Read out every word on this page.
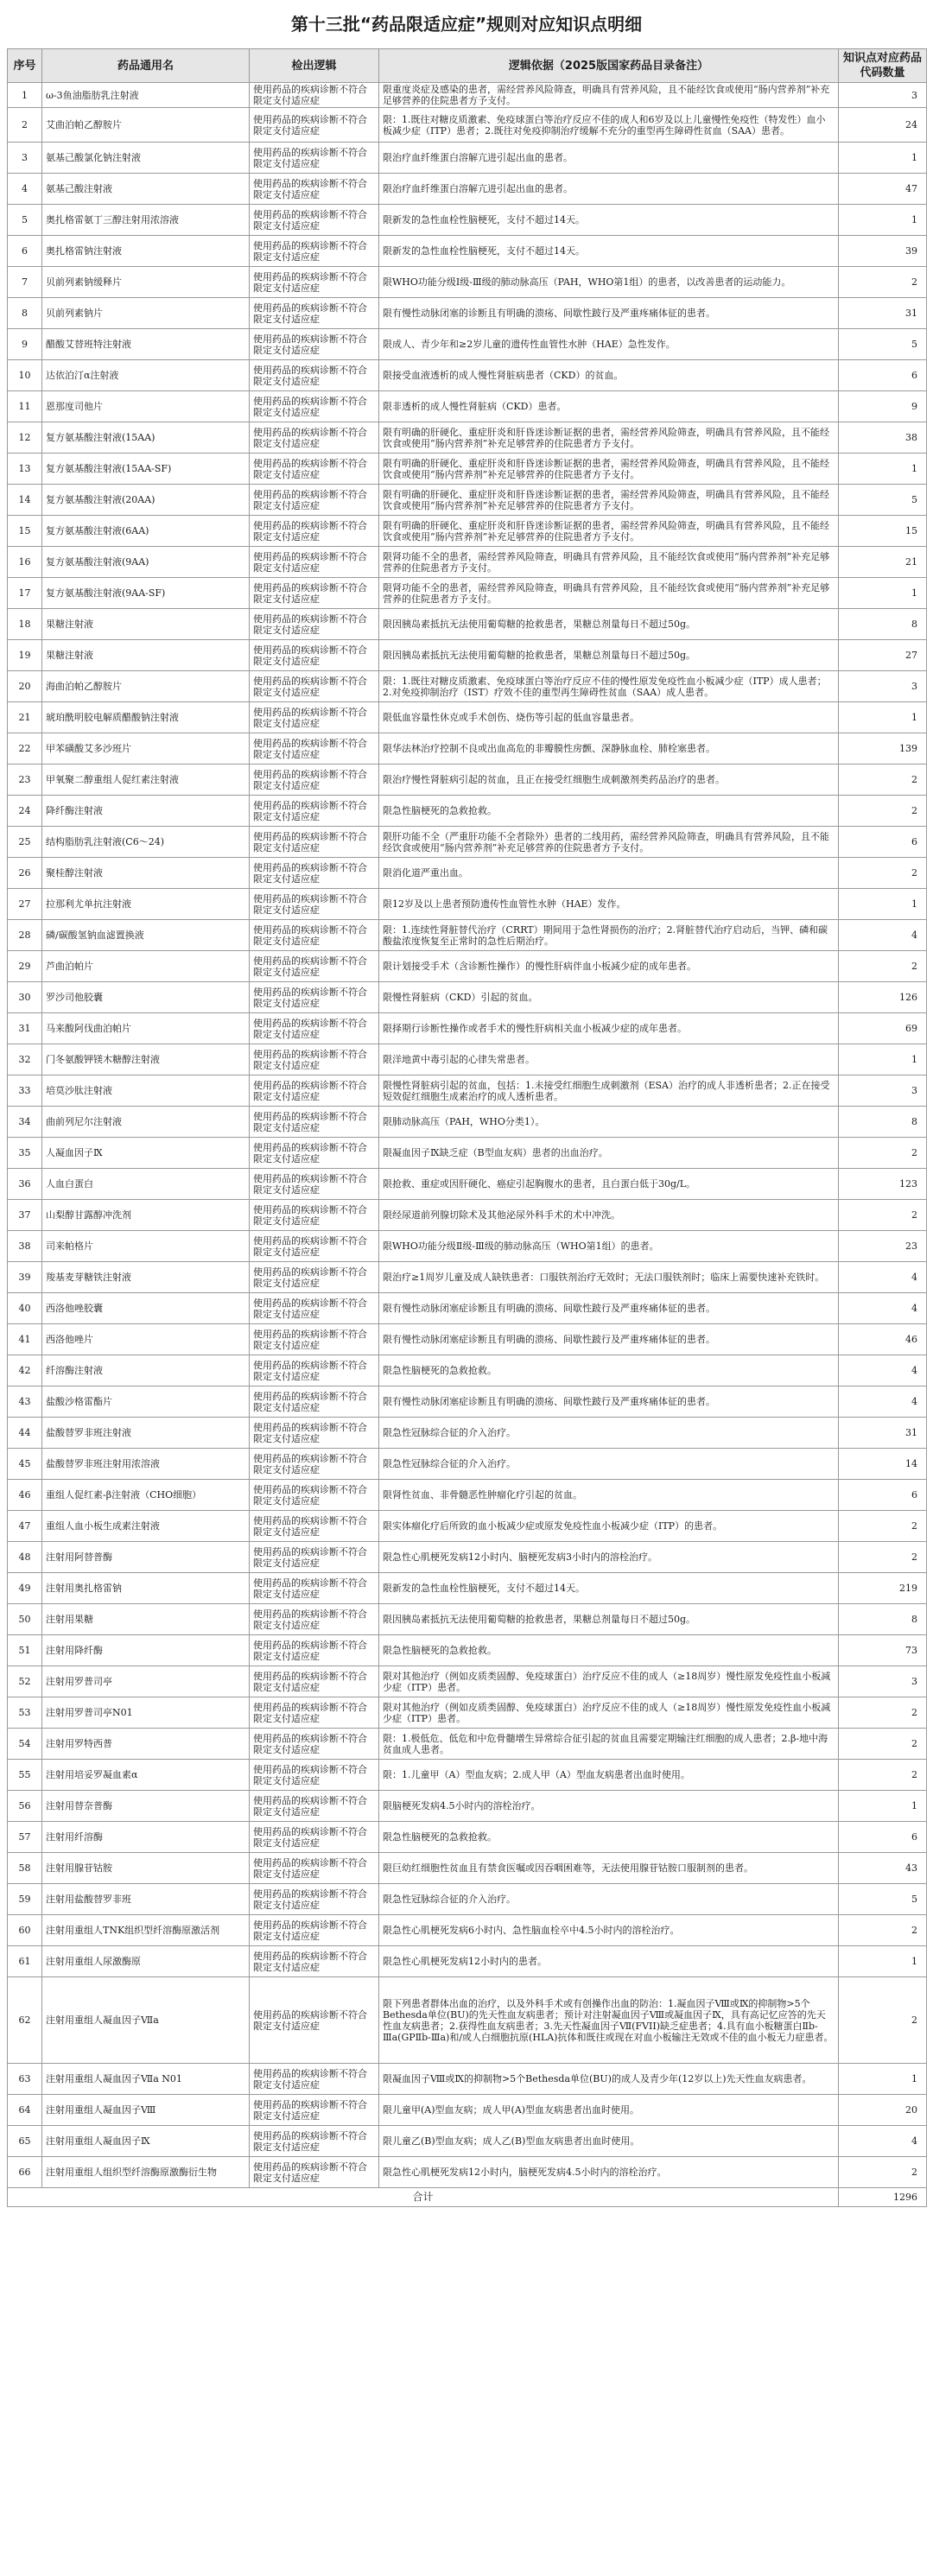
第十三批“药品限适应症”规则对应知识点明细
序号	药品通用名	检出逻辑	逻辑依据（2025版国家药品目录备注）	知识点对应药品代码数量
1	ω-3鱼油脂肪乳注射液	使用药品的疾病诊断不符合限定支付适应症	限重度炎症及感染的患者，需经营养风险筛查，明确具有营养风险，且不能经饮食或使用“肠内营养剂”补充足够营养的住院患者方予支付。	3
2	艾曲泊帕乙醇胺片	使用药品的疾病诊断不符合限定支付适应症	限：1.既往对糖皮质激素、免疫球蛋白等治疗反应不佳的成人和6岁及以上儿童慢性免疫性（特发性）血小板减少症（ITP）患者；2.既往对免疫抑制治疗缓解不充分的重型再生障碍性贫血（SAA）患者。	24
3	氨基己酸氯化钠注射液	使用药品的疾病诊断不符合限定支付适应症	限治疗血纤维蛋白溶解亢进引起出血的患者。	1
4	氨基己酸注射液	使用药品的疾病诊断不符合限定支付适应症	限治疗血纤维蛋白溶解亢进引起出血的患者。	47
5	奥扎格雷氨丁三醇注射用浓溶液	使用药品的疾病诊断不符合限定支付适应症	限新发的急性血栓性脑梗死，支付不超过14天。	1
6	奥扎格雷钠注射液	使用药品的疾病诊断不符合限定支付适应症	限新发的急性血栓性脑梗死，支付不超过14天。	39
7	贝前列素钠缓释片	使用药品的疾病诊断不符合限定支付适应症	限WHO功能分级Ⅰ级-Ⅲ级的肺动脉高压（PAH，WHO第1组）的患者，以改善患者的运动能力。	2
8	贝前列素钠片	使用药品的疾病诊断不符合限定支付适应症	限有慢性动脉闭塞的诊断且有明确的溃疡、间歇性跛行及严重疼痛体征的患者。	31
9	醋酸艾替班特注射液	使用药品的疾病诊断不符合限定支付适应症	限成人、青少年和≥2岁儿童的遗传性血管性水肿（HAE）急性发作。	5
10	达依泊汀α注射液	使用药品的疾病诊断不符合限定支付适应症	限接受血液透析的成人慢性肾脏病患者（CKD）的贫血。	6
11	恩那度司他片	使用药品的疾病诊断不符合限定支付适应症	限非透析的成人慢性肾脏病（CKD）患者。	9
12	复方氨基酸注射液(15AA)	使用药品的疾病诊断不符合限定支付适应症	限有明确的肝硬化、重症肝炎和肝昏迷诊断证据的患者，需经营养风险筛查，明确具有营养风险，且不能经饮食或使用“肠内营养剂”补充足够营养的住院患者方予支付。	38
13	复方氨基酸注射液(15AA-SF)	使用药品的疾病诊断不符合限定支付适应症	限有明确的肝硬化、重症肝炎和肝昏迷诊断证据的患者，需经营养风险筛查，明确具有营养风险，且不能经饮食或使用“肠内营养剂”补充足够营养的住院患者方予支付。	1
14	复方氨基酸注射液(20AA)	使用药品的疾病诊断不符合限定支付适应症	限有明确的肝硬化、重症肝炎和肝昏迷诊断证据的患者，需经营养风险筛查，明确具有营养风险，且不能经饮食或使用“肠内营养剂”补充足够营养的住院患者方予支付。	5
15	复方氨基酸注射液(6AA)	使用药品的疾病诊断不符合限定支付适应症	限有明确的肝硬化、重症肝炎和肝昏迷诊断证据的患者，需经营养风险筛查，明确具有营养风险，且不能经饮食或使用“肠内营养剂”补充足够营养的住院患者方予支付。	15
16	复方氨基酸注射液(9AA)	使用药品的疾病诊断不符合限定支付适应症	限肾功能不全的患者，需经营养风险筛查，明确具有营养风险，且不能经饮食或使用“肠内营养剂”补充足够营养的住院患者方予支付。	21
17	复方氨基酸注射液(9AA-SF)	使用药品的疾病诊断不符合限定支付适应症	限肾功能不全的患者，需经营养风险筛查，明确具有营养风险，且不能经饮食或使用“肠内营养剂”补充足够营养的住院患者方予支付。	1
18	果糖注射液	使用药品的疾病诊断不符合限定支付适应症	限因胰岛素抵抗无法使用葡萄糖的抢救患者，果糖总剂量每日不超过50g。	8
19	果糖注射液	使用药品的疾病诊断不符合限定支付适应症	限因胰岛素抵抗无法使用葡萄糖的抢救患者，果糖总剂量每日不超过50g。	27
20	海曲泊帕乙醇胺片	使用药品的疾病诊断不符合限定支付适应症	限：1.既往对糖皮质激素、免疫球蛋白等治疗反应不佳的慢性原发免疫性血小板减少症（ITP）成人患者；2.对免疫抑制治疗（IST）疗效不佳的重型再生障碍性贫血（SAA）成人患者。	3
21	琥珀酰明胶电解质醋酸钠注射液	使用药品的疾病诊断不符合限定支付适应症	限低血容量性休克或手术创伤、烧伤等引起的低血容量患者。	1
22	甲苯磺酸艾多沙班片	使用药品的疾病诊断不符合限定支付适应症	限华法林治疗控制不良或出血高危的非瓣膜性房颤、深静脉血栓、肺栓塞患者。	139
23	甲氧聚二醇重组人促红素注射液	使用药品的疾病诊断不符合限定支付适应症	限治疗慢性肾脏病引起的贫血，且正在接受红细胞生成刺激剂类药品治疗的患者。	2
24	降纤酶注射液	使用药品的疾病诊断不符合限定支付适应症	限急性脑梗死的急救抢救。	2
25	结构脂肪乳注射液(C6～24)	使用药品的疾病诊断不符合限定支付适应症	限肝功能不全（严重肝功能不全者除外）患者的二线用药，需经营养风险筛查，明确具有营养风险，且不能经饮食或使用“肠内营养剂”补充足够营养的住院患者方予支付。	6
26	聚桂醇注射液	使用药品的疾病诊断不符合限定支付适应症	限消化道严重出血。	2
27	拉那利尤单抗注射液	使用药品的疾病诊断不符合限定支付适应症	限12岁及以上患者预防遗传性血管性水肿（HAE）发作。	1
28	磷/碳酸氢钠血滤置换液	使用药品的疾病诊断不符合限定支付适应症	限：1.连续性肾脏替代治疗（CRRT）期间用于急性肾损伤的治疗；2.肾脏替代治疗启动后，当钾、磷和碳酸盐浓度恢复至正常时的急性后期治疗。	4
29	芦曲泊帕片	使用药品的疾病诊断不符合限定支付适应症	限计划接受手术（含诊断性操作）的慢性肝病伴血小板减少症的成年患者。	2
30	罗沙司他胶囊	使用药品的疾病诊断不符合限定支付适应症	限慢性肾脏病（CKD）引起的贫血。	126
31	马来酸阿伐曲泊帕片	使用药品的疾病诊断不符合限定支付适应症	限择期行诊断性操作或者手术的慢性肝病相关血小板减少症的成年患者。	69
32	门冬氨酸钾镁木糖醇注射液	使用药品的疾病诊断不符合限定支付适应症	限洋地黄中毒引起的心律失常患者。	1
33	培莫沙肽注射液	使用药品的疾病诊断不符合限定支付适应症	限慢性肾脏病引起的贫血，包括：1.未接受红细胞生成刺激剂（ESA）治疗的成人非透析患者；2.正在接受短效促红细胞生成素治疗的成人透析患者。	3
34	曲前列尼尔注射液	使用药品的疾病诊断不符合限定支付适应症	限肺动脉高压（PAH，WHO分类1）。	8
35	人凝血因子Ⅸ	使用药品的疾病诊断不符合限定支付适应症	限凝血因子Ⅸ缺乏症（B型血友病）患者的出血治疗。	2
36	人血白蛋白	使用药品的疾病诊断不符合限定支付适应症	限抢救、重症或因肝硬化、癌症引起胸腹水的患者，且白蛋白低于30g/L。	123
37	山梨醇甘露醇冲洗剂	使用药品的疾病诊断不符合限定支付适应症	限经尿道前列腺切除术及其他泌尿外科手术的术中冲洗。	2
38	司来帕格片	使用药品的疾病诊断不符合限定支付适应症	限WHO功能分级Ⅱ级-Ⅲ级的肺动脉高压（WHO第1组）的患者。	23
39	羧基麦芽糖铁注射液	使用药品的疾病诊断不符合限定支付适应症	限治疗≥1周岁儿童及成人缺铁患者：口服铁剂治疗无效时；无法口服铁剂时；临床上需要快速补充铁时。	4
40	西洛他唑胶囊	使用药品的疾病诊断不符合限定支付适应症	限有慢性动脉闭塞症诊断且有明确的溃疡、间歇性跛行及严重疼痛体征的患者。	4
41	西洛他唑片	使用药品的疾病诊断不符合限定支付适应症	限有慢性动脉闭塞症诊断且有明确的溃疡、间歇性跛行及严重疼痛体征的患者。	46
42	纤溶酶注射液	使用药品的疾病诊断不符合限定支付适应症	限急性脑梗死的急救抢救。	4
43	盐酸沙格雷酯片	使用药品的疾病诊断不符合限定支付适应症	限有慢性动脉闭塞症诊断且有明确的溃疡、间歇性跛行及严重疼痛体征的患者。	4
44	盐酸替罗非班注射液	使用药品的疾病诊断不符合限定支付适应症	限急性冠脉综合征的介入治疗。	31
45	盐酸替罗非班注射用浓溶液	使用药品的疾病诊断不符合限定支付适应症	限急性冠脉综合征的介入治疗。	14
46	重组人促红素-β注射液（CHO细胞）	使用药品的疾病诊断不符合限定支付适应症	限肾性贫血、非骨髓恶性肿瘤化疗引起的贫血。	6
47	重组人血小板生成素注射液	使用药品的疾病诊断不符合限定支付适应症	限实体瘤化疗后所致的血小板减少症或原发免疫性血小板减少症（ITP）的患者。	2
48	注射用阿替普酶	使用药品的疾病诊断不符合限定支付适应症	限急性心肌梗死发病12小时内、脑梗死发病3小时内的溶栓治疗。	2
49	注射用奥扎格雷钠	使用药品的疾病诊断不符合限定支付适应症	限新发的急性血栓性脑梗死，支付不超过14天。	219
50	注射用果糖	使用药品的疾病诊断不符合限定支付适应症	限因胰岛素抵抗无法使用葡萄糖的抢救患者，果糖总剂量每日不超过50g。	8
51	注射用降纤酶	使用药品的疾病诊断不符合限定支付适应症	限急性脑梗死的急救抢救。	73
52	注射用罗普司亭	使用药品的疾病诊断不符合限定支付适应症	限对其他治疗（例如皮质类固醇、免疫球蛋白）治疗反应不佳的成人（≥18周岁）慢性原发免疫性血小板减少症（ITP）患者。	3
53	注射用罗普司亭N01	使用药品的疾病诊断不符合限定支付适应症	限对其他治疗（例如皮质类固醇、免疫球蛋白）治疗反应不佳的成人（≥18周岁）慢性原发免疫性血小板减少症（ITP）患者。	2
54	注射用罗特西普	使用药品的疾病诊断不符合限定支付适应症	限：1.极低危、低危和中危骨髓增生异常综合征引起的贫血且需要定期输注红细胞的成人患者；2.β-地中海贫血成人患者。	2
55	注射用培妥罗凝血素α	使用药品的疾病诊断不符合限定支付适应症	限：1.儿童甲（A）型血友病；2.成人甲（A）型血友病患者出血时使用。	2
56	注射用替奈普酶	使用药品的疾病诊断不符合限定支付适应症	限脑梗死发病4.5小时内的溶栓治疗。	1
57	注射用纤溶酶	使用药品的疾病诊断不符合限定支付适应症	限急性脑梗死的急救抢救。	6
58	注射用腺苷钴胺	使用药品的疾病诊断不符合限定支付适应症	限巨幼红细胞性贫血且有禁食医嘱或因吞咽困难等，无法使用腺苷钴胺口服制剂的患者。	43
59	注射用盐酸替罗非班	使用药品的疾病诊断不符合限定支付适应症	限急性冠脉综合征的介入治疗。	5
60	注射用重组人TNK组织型纤溶酶原激活剂	使用药品的疾病诊断不符合限定支付适应症	限急性心肌梗死发病6小时内、急性脑血栓卒中4.5小时内的溶栓治疗。	2
61	注射用重组人尿激酶原	使用药品的疾病诊断不符合限定支付适应症	限急性心肌梗死发病12小时内的患者。	1
62	注射用重组人凝血因子Ⅶa	使用药品的疾病诊断不符合限定支付适应症	限下列患者群体出血的治疗，以及外科手术或有创操作出血的防治：1.凝血因子Ⅷ或Ⅸ的抑制物>5个Bethesda单位(BU)的先天性血友病患者；预计对注射凝血因子Ⅷ或凝血因子Ⅸ，具有高记忆应答的先天性血友病患者；2.获得性血友病患者；3.先天性凝血因子Ⅶ(FVII)缺乏症患者；4.具有血小板糖蛋白Ⅱb-Ⅲa(GPⅡb-Ⅲa)和/或人白细胞抗原(HLA)抗体和既往或现在对血小板输注无效或不佳的血小板无力症患者。	2
63	注射用重组人凝血因子Ⅶa N01	使用药品的疾病诊断不符合限定支付适应症	限凝血因子Ⅷ或Ⅸ的抑制物>5个Bethesda单位(BU)的成人及青少年(12岁以上)先天性血友病患者。	1
64	注射用重组人凝血因子Ⅷ	使用药品的疾病诊断不符合限定支付适应症	限儿童甲(A)型血友病；成人甲(A)型血友病患者出血时使用。	20
65	注射用重组人凝血因子Ⅸ	使用药品的疾病诊断不符合限定支付适应症	限儿童乙(B)型血友病；成人乙(B)型血友病患者出血时使用。	4
66	注射用重组人组织型纤溶酶原激酶衍生物	使用药品的疾病诊断不符合限定支付适应症	限急性心肌梗死发病12小时内，脑梗死发病4.5小时内的溶栓治疗。	2
合计				1296
